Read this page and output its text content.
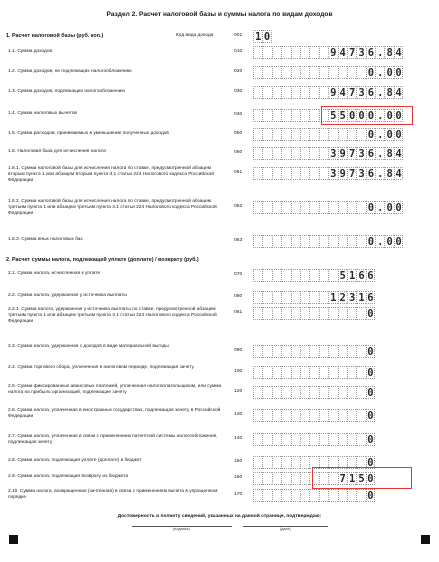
Раздел 2. Расчет налоговой базы и суммы налога по видам доходов
1. Расчет налоговой базы (руб. коп.)	Код вида дохода	001	1 0
1.1. Сумма доходов	010	9 4 7 3 6 . 8 4
1.2. Сумма доходов, не подлежащих налогообложению	020	0 . 0 0
1.3. Сумма доходов, подлежащих налогообложению	030	9 4 7 3 6 . 8 4
1.4. Сумма налоговых вычетов	040	5 5 0 0 0 . 0 0
1.5. Сумма расходов, принимаемых в уменьшение полученных доходов	050	0 . 0 0
1.6. Налоговая база для исчисления налога	060	3 9 7 3 6 . 8 4
1.6.1. Сумма налоговой базы для исчисления налога по ставке, предусмотренной абзацем вторым пункта 1 или абзацем вторым пункта 3.1 статьи 224 Налогового кодекса Российской Федерации
061	3 9 7 3 6 . 8 4
1.6.2. Сумма налоговой базы для исчисления налога по ставке, предусмотренной абзацем третьим пункта 1 или абзацем третьим пункта 3.1 статьи 224 Налогового кодекса Российской Федерации
062	0 . 0 0
1.6.3. Сумма иных налоговых баз	063	0 . 0 0
2. Расчет суммы налога, подлежащей уплате (доплате) / возврату (руб.)
2.1. Сумма налога, исчисленная к уплате	070	5 1 6 6
2.2. Сумма налога, удержанная у источника выплаты	080	1 2 3 1 6
2.2.1. Сумма налога, удержанная у источника выплаты по ставке, предусмотренной абзацем третьим пункта 1 или абзацем третьим пункта 3.1 статьи 224 Налогового кодекса Российской Федерации
081	0
2.3. Сумма налога, удержанная с доходов в виде материальной выгоды
090	0
2.4. Сумма торгового сбора, уплаченная в налоговом периоде, подлежащая зачету
100	0
2.5. Сумма фиксированных авансовых платежей, уплаченная налогоплательщиком, или сумма налога на прибыль организаций, подлежащие зачету	120	0
2.6. Сумма налога, уплаченная в иностранных государствах, подлежащая зачету в Российской Федерации	130	0
2.7. Сумма налога, уплаченная в связи с применением патентной системы налогообложения, подлежащая зачету
140	0
2.8. Сумма налога, подлежащая уплате (доплате) в бюджет	150	0
2.9. Сумма налога, подлежащая возврату из бюджета	160	7 1 5 0
2.10. Сумма налога, возвращенная (зачтенная) в связи с применением вычета в упрощенном порядке
170	0
Достоверность и полноту сведений, указанных на данной странице, подтверждаю:
(подпись)	(дата)
